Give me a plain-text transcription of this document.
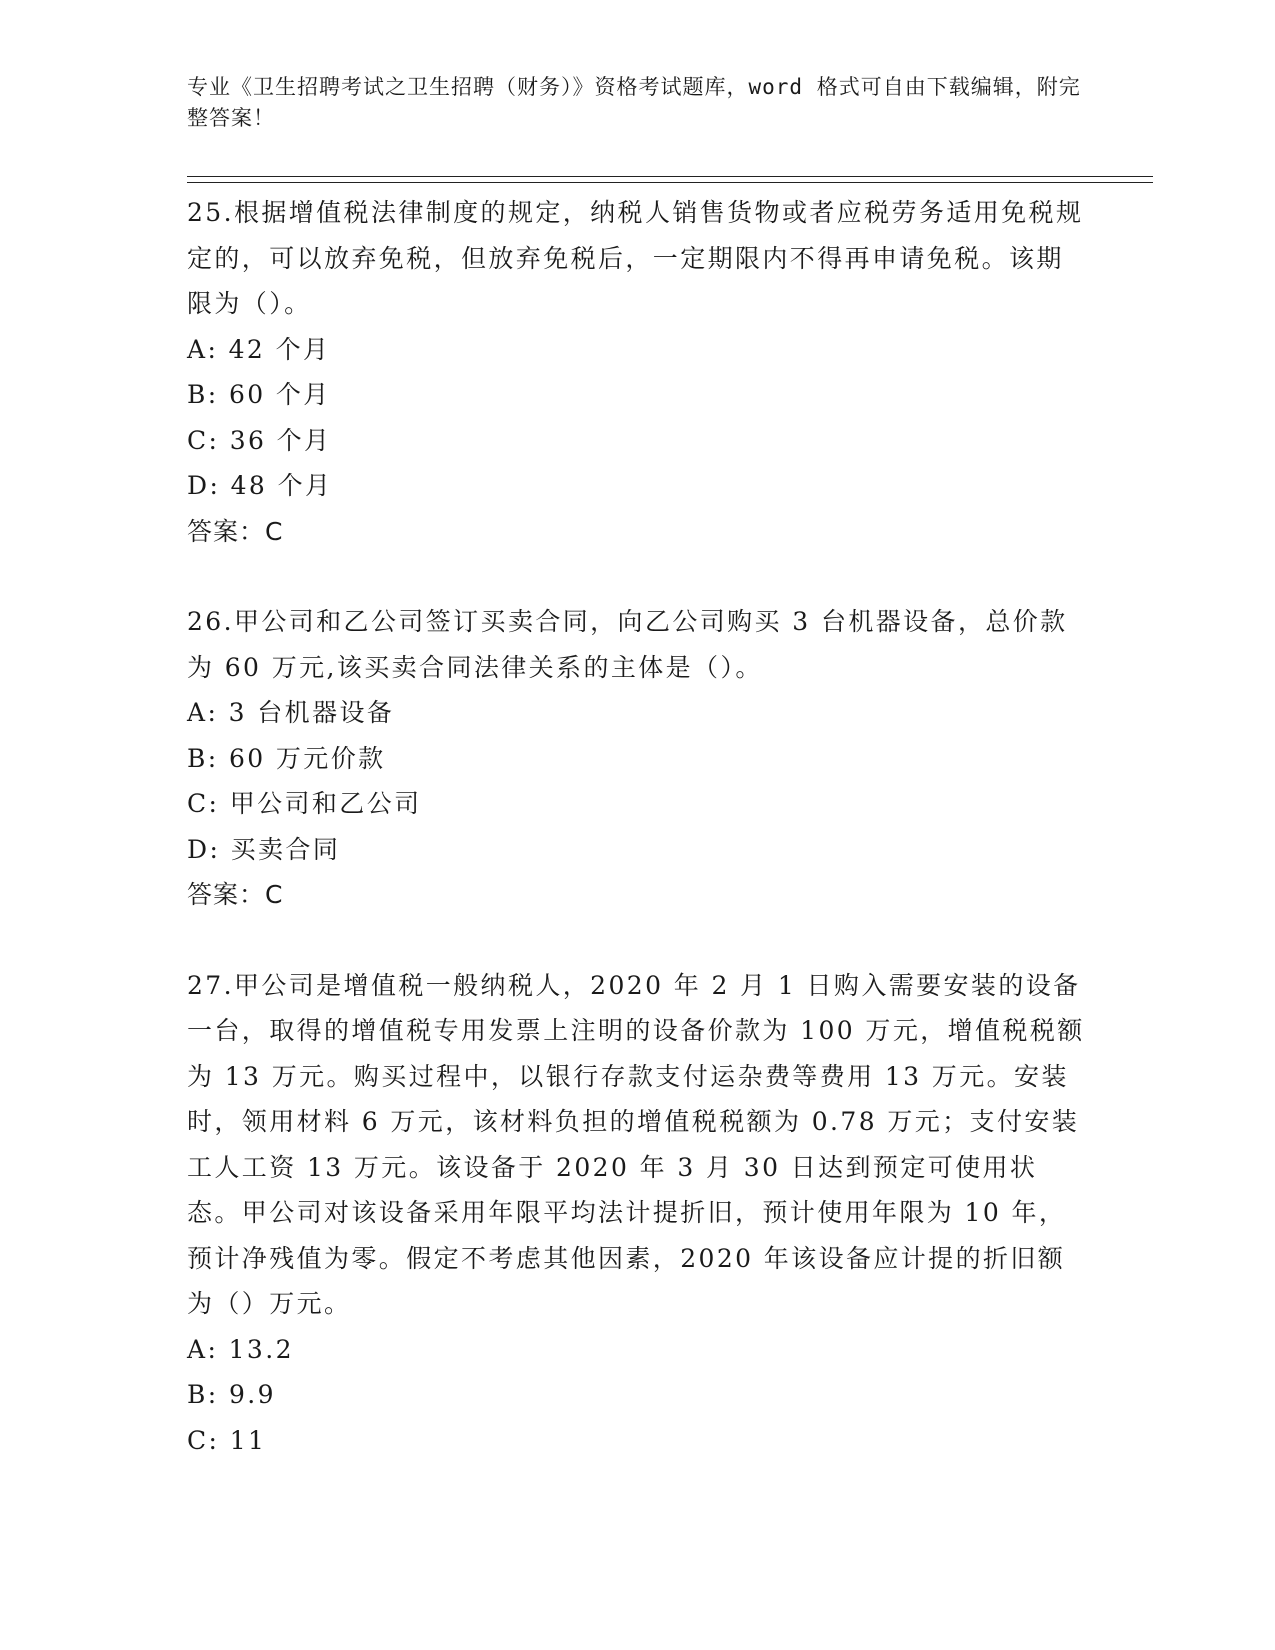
专业《卫生招聘考试之卫生招聘（财务）》资格考试题库，word 格式可自由下载编辑，附完整答案！

25.根据增值税法律制度的规定，纳税人销售货物或者应税劳务适用免税规定的，可以放弃免税，但放弃免税后，一定期限内不得再申请免税。该期限为（）。

A: 42 个月

B: 60 个月

C: 36 个月

D: 48 个月

答案：C

26.甲公司和乙公司签订买卖合同，向乙公司购买 3 台机器设备，总价款为 60 万元,该买卖合同法律关系的主体是（）。

A: 3 台机器设备

B: 60 万元价款

C: 甲公司和乙公司

D: 买卖合同

答案：C

27.甲公司是增值税一般纳税人，2020 年 2 月 1 日购入需要安装的设备一台，取得的增值税专用发票上注明的设备价款为 100 万元，增值税税额为 13 万元。购买过程中，以银行存款支付运杂费等费用 13 万元。安装时，领用材料 6 万元，该材料负担的增值税税额为 0.78 万元；支付安装工人工资 13 万元。该设备于 2020 年 3 月 30 日达到预定可使用状态。甲公司对该设备采用年限平均法计提折旧，预计使用年限为 10 年，预计净残值为零。假定不考虑其他因素，2020 年该设备应计提的折旧额为（）万元。

A: 13.2

B: 9.9

C: 11
